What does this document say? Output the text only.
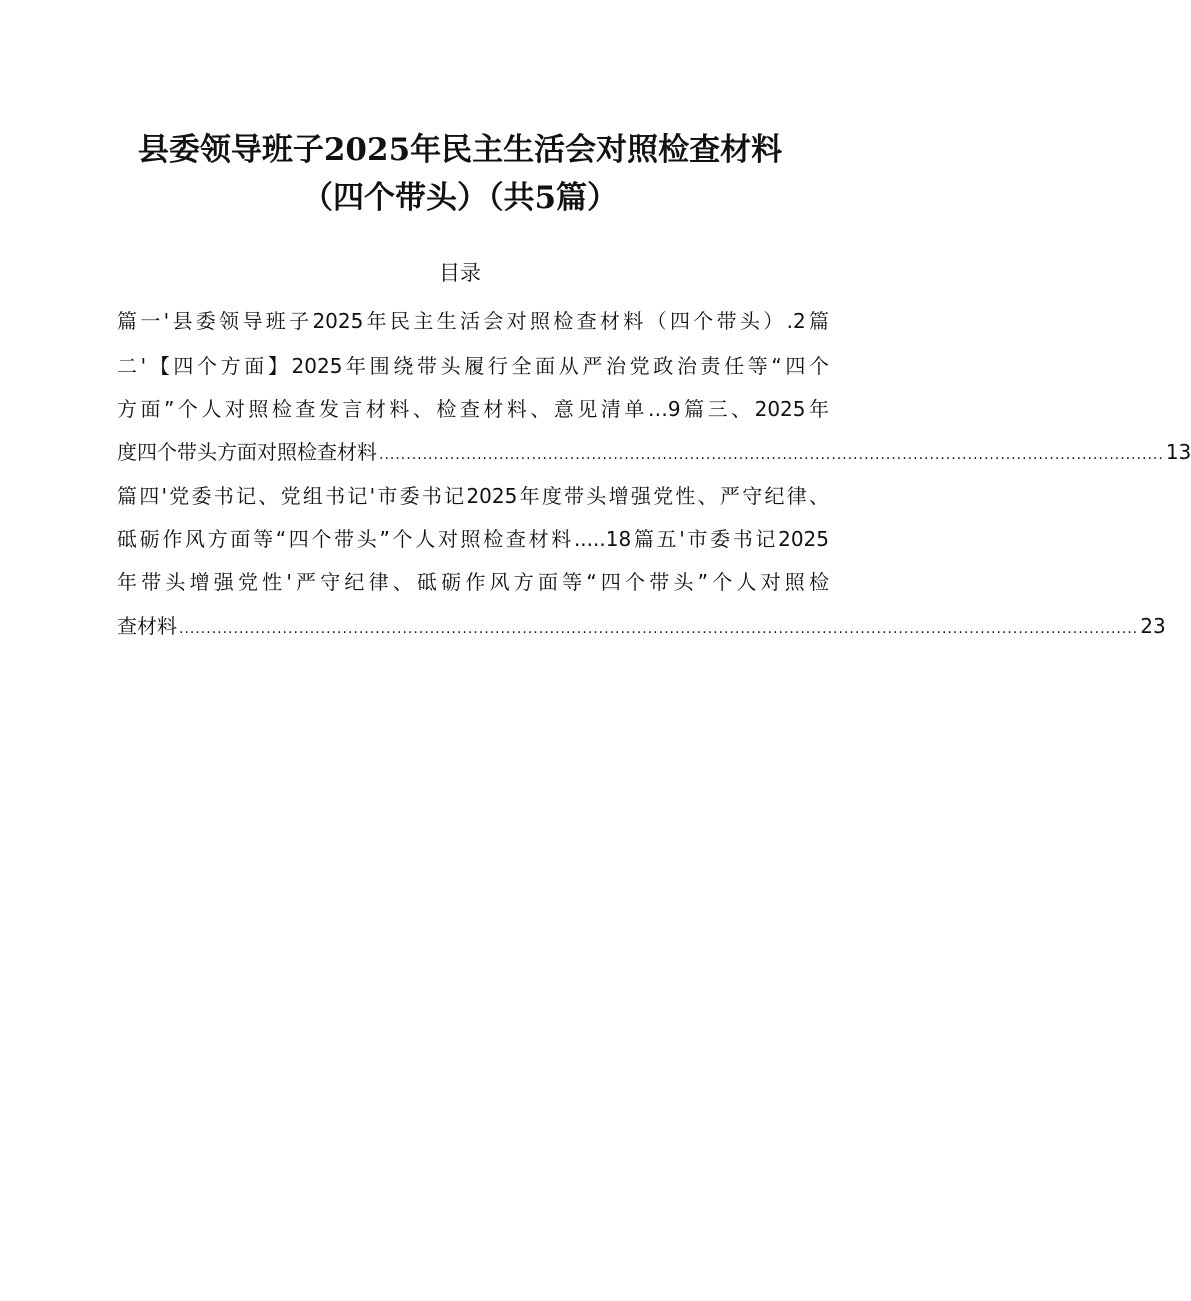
县委领导班子2025年民主生活会对照检查材料
（四个带头）（共5篇）
目录
篇一'县委领导班子2025年民主生活会对照检查材料（四个带头）.2篇
二'【四个方面】2025年围绕带头履行全面从严治党政治责任等“四个
方面”个人对照检查发言材料、检查材料、意见清单…9篇三、2025年
度四个带头方面对照检查材料 ................................................................................................................................................ 13
篇四'党委书记、党组书记'市委书记2025年度带头增强党性、严守纪律、
砥砺作风方面等“四个带头”个人对照检查材料.....18篇五'市委书记2025
年带头增强党性'严守纪律、砥砺作风方面等“四个带头”个人对照检
查材料 ................................................................................................................................................................................ 23
